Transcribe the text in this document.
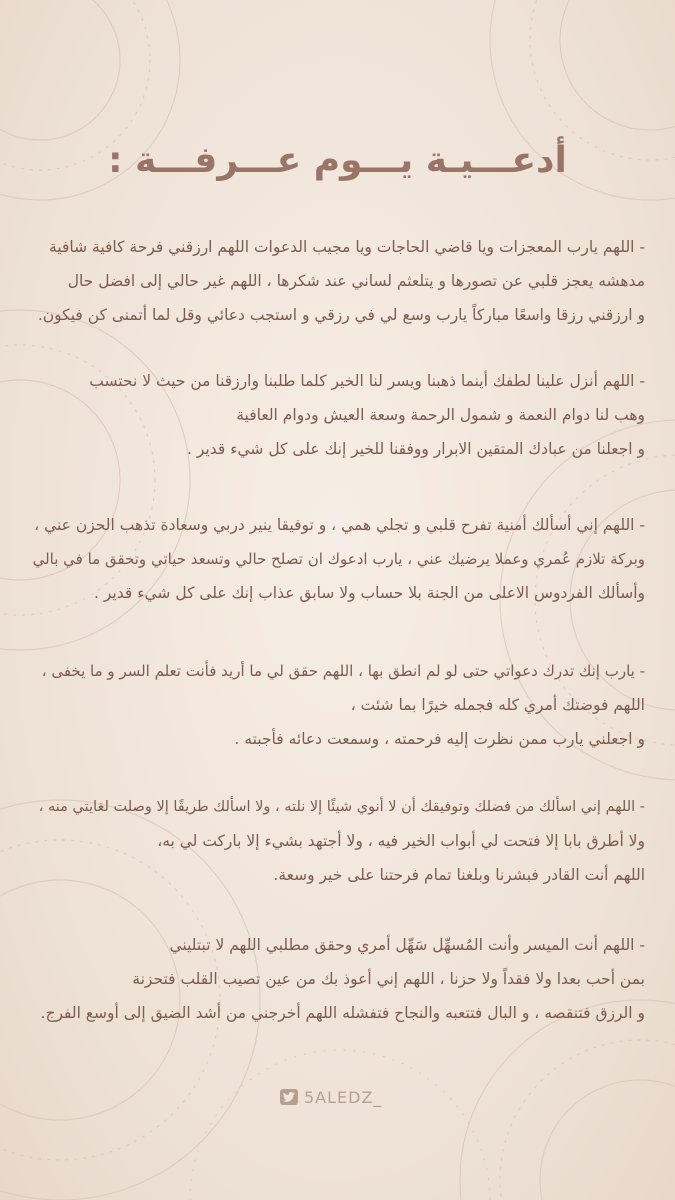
أدعـــيـة يـــوم عـــرفـــة :
- اللهم يارب المعجزات ويا قاضي الحاجات ويا مجيب الدعوات اللهم ارزقني فرحة كافية شافية
مدهشه يعجز قلبي عن تصورها و يتلعثم لساني عند شكرها ، اللهم غير حالي إلى افضل حال
و ارزقني رزقا واسعًا مباركاً يارب وسع لي في رزقي و استجب دعائي وقل لما أتمنى كن فيكون.
- اللهم أنزل علينا لطفك أينما ذهبنا ويسر لنا الخير كلما طلبنا وارزقنا من حيث لا نحتسب
وهب لنا دوام النعمة و شمول الرحمة وسعة العيش ودوام العافية
و اجعلنا من عبادك المتقين الابرار ووفقنا للخير إنك على كل شيء قدير .
- اللهم إني أسألك أمنية تفرح قلبي و تجلي همي ، و توفيقا ينير دربي وسعادة تذهب الحزن عني ،
وبركة تلازم عُمري وعملا يرضيك عني ، يارب ادعوك ان تصلح حالي وتسعد حياتي وتحقق ما في بالي
وأسألك الفردوس الاعلى من الجنة بلا حساب ولا سابق عذاب إنك على كل شيء قدير .
- يارب إنك تدرك دعواتي حتى لو لم انطق بها ، اللهم حقق لي ما أريد فأنت تعلم السر و ما يخفى ،
اللهم فوضتك أمري كله فجمله خيرًا بما شئت ،
و اجعلني يارب ممن نظرت إليه فرحمته ، وسمعت دعائه فأجبته .
- اللهم إني اسألك من فضلك وتوفيقك أن لا أنوي شيئًا إلا نلته ، ولا اسألك طريقًا إلا وصلت لغايتي منه ،
ولا أطرق بابا إلا فتحت لي أبواب الخير فيه ، ولا أجتهد بشيء إلا باركت لي به،
اللهم أنت القادر فبشرنا وبلغنا تمام فرحتنا على خير وسعة.
- اللهم أنت الميسر وأنت المُسهِّل سَهِّل أمري وحقق مطلبي اللهم لا تبتليني
بمن أحب بعدا ولا فقداً ولا حزنا ، اللهم إني أعوذ بك من عين تصيب القلب فتحزنة
و الرزق فتنقصه ، و البال فتتعبه والنجاح فتفشله اللهم أخرجني من أشد الضيق إلى أوسع الفرج.
5ALEDZ_
